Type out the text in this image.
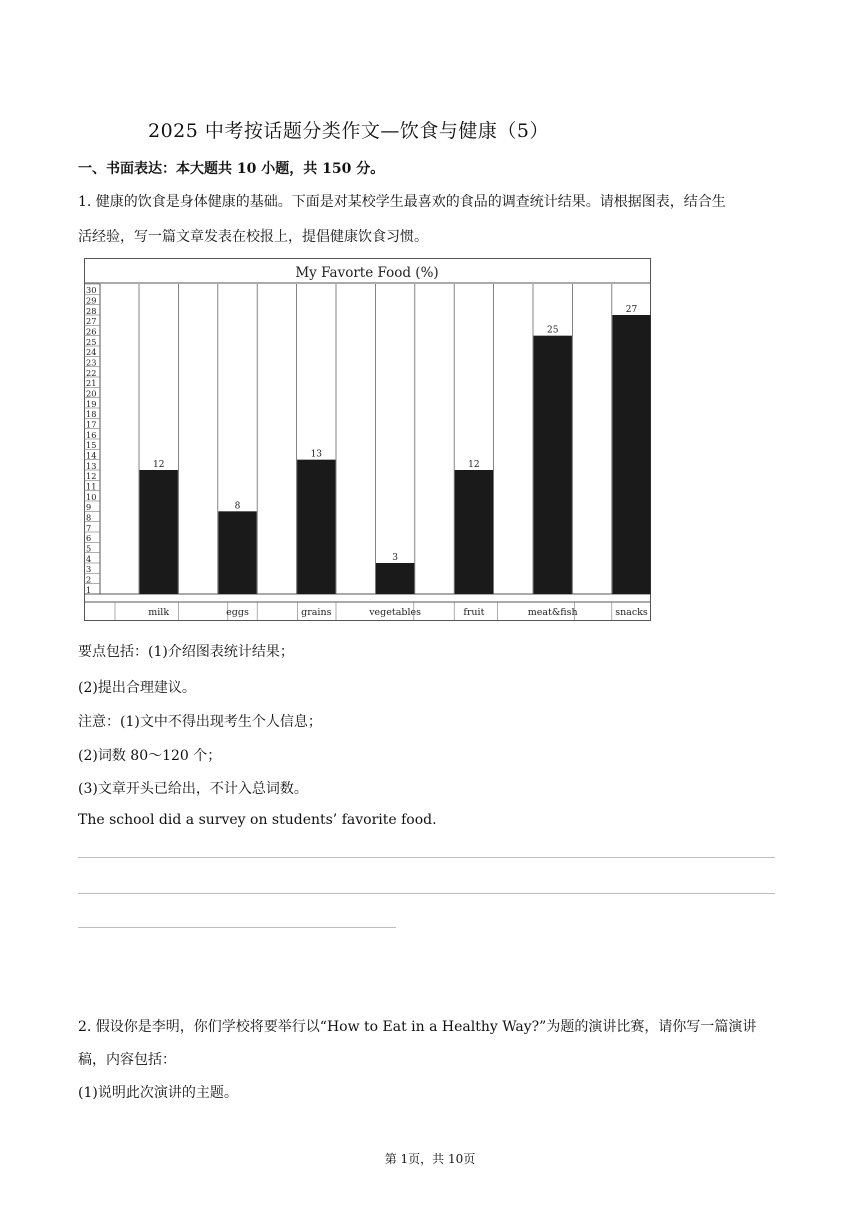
2025 中考按话题分类作文—饮食与健康（5）
一、书面表达：本大题共 10 小题，共 150 分。
1. 健康的饮食是身体健康的基础。下面是对某校学生最喜欢的食品的调查统计结果。请根据图表，结合生
活经验，写一篇文章发表在校报上，提倡健康饮食习惯。
My Favorte Food (%)
1
2
3
4
5
6
7
8
9
10
11
12
13
14
15
16
17
18
19
20
21
22
23
24
25
26
27
28
29
30
12
milk
8
eggs
13
grains
3
vegetables
12
fruit
25
meat&fish
27
snacks
要点包括：(1)介绍图表统计结果；
(2)提出合理建议。
注意：(1)文中不得出现考生个人信息；
(2)词数 80～120 个；
(3)文章开头已给出，不计入总词数。
The school did a survey on students’ favorite food.
2. 假设你是李明，你们学校将要举行以“How to Eat in a Healthy Way?”为题的演讲比赛，请你写一篇演讲
稿，内容包括：
(1)说明此次演讲的主题。
第 1页，共 10页
